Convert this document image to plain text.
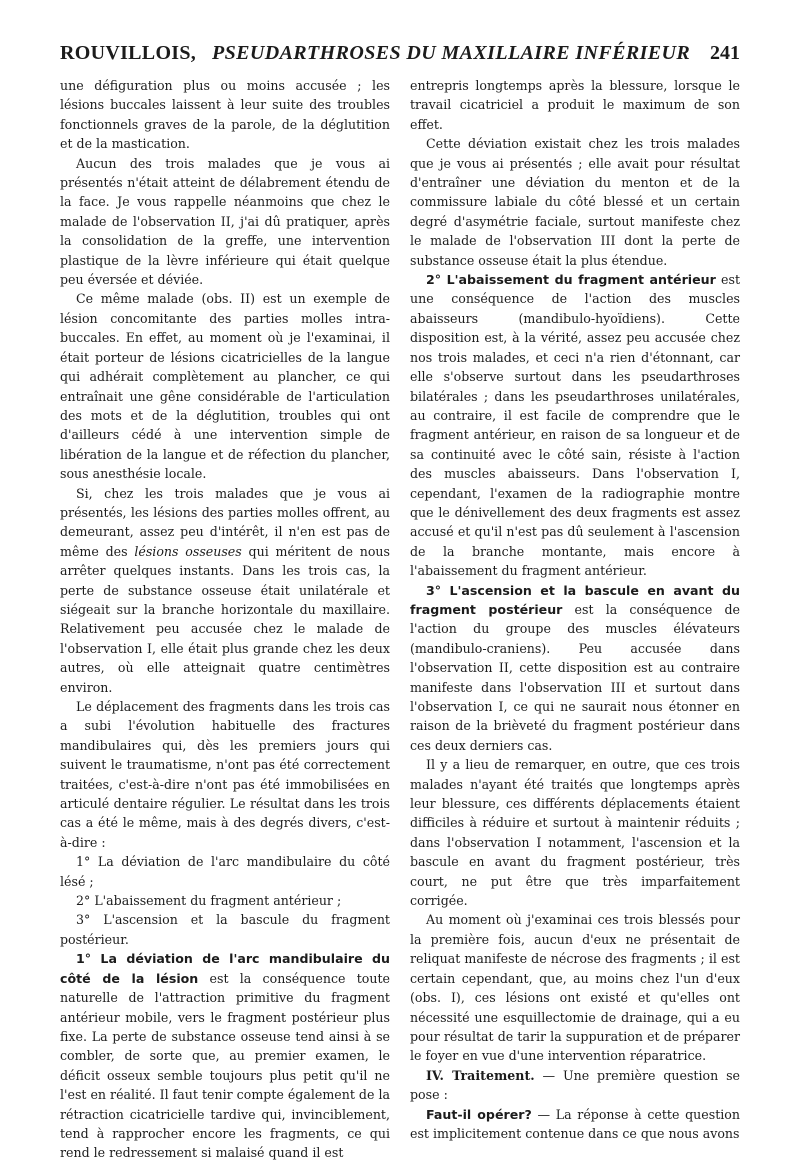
ROUVILLOIS, PSEUDARTHROSES DU MAXILLAIRE INFÉRIEUR 241

une défiguration plus ou moins accusée ; les lésions buccales laissent à leur suite des troubles fonctionnels graves de la parole, de la déglutition et de la mastication.

Aucun des trois malades que je vous ai présentés n'était atteint de délabrement étendu de la face. Je vous rappelle néanmoins que chez le malade de l'observation II, j'ai dû pratiquer, après la consolidation de la greffe, une intervention plastique de la lèvre inférieure qui était quelque peu éversée et déviée.

Ce même malade (obs. II) est un exemple de lésion concomitante des parties molles intra-buccales. En effet, au moment où je l'examinai, il était porteur de lésions cicatricielles de la langue qui adhérait complètement au plancher, ce qui entraînait une gêne considérable de l'articulation des mots et de la déglutition, troubles qui ont d'ailleurs cédé à une intervention simple de libération de la langue et de réfection du plancher, sous anesthésie locale.

Si, chez les trois malades que je vous ai présentés, les lésions des parties molles offrent, au demeurant, assez peu d'intérêt, il n'en est pas de même des lésions osseuses qui méritent de nous arrêter quelques instants. Dans les trois cas, la perte de substance osseuse était unilatérale et siégeait sur la branche horizontale du maxillaire. Relativement peu accusée chez le malade de l'observation I, elle était plus grande chez les deux autres, où elle atteignait quatre centimètres environ.

Le déplacement des fragments dans les trois cas a subi l'évolution habituelle des fractures mandibulaires qui, dès les premiers jours qui suivent le traumatisme, n'ont pas été correctement traitées, c'est-à-dire n'ont pas été immobilisées en articulé dentaire régulier. Le résultat dans les trois cas a été le même, mais à des degrés divers, c'est-à-dire :

1° La déviation de l'arc mandibulaire du côté lésé ;

2° L'abaissement du fragment antérieur ;

3° L'ascension et la bascule du fragment postérieur.

1° La déviation de l'arc mandibulaire du côté de la lésion est la conséquence toute naturelle de l'attraction primitive du fragment antérieur mobile, vers le fragment postérieur plus fixe. La perte de substance osseuse tend ainsi à se combler, de sorte que, au premier examen, le déficit osseux semble toujours plus petit qu'il ne l'est en réalité. Il faut tenir compte également de la rétraction cicatricielle tardive qui, invinciblement, tend à rapprocher encore les fragments, ce qui rend le redressement si malaisé quand il est

entrepris longtemps après la blessure, lorsque le travail cicatriciel a produit le maximum de son effet.

Cette déviation existait chez les trois malades que je vous ai présentés ; elle avait pour résultat d'entraîner une déviation du menton et de la commissure labiale du côté blessé et un certain degré d'asymétrie faciale, surtout manifeste chez le malade de l'observation III dont la perte de substance osseuse était la plus étendue.

2° L'abaissement du fragment antérieur est une conséquence de l'action des muscles abaisseurs (mandibulo-hyoïdiens). Cette disposition est, à la vérité, assez peu accusée chez nos trois malades, et ceci n'a rien d'étonnant, car elle s'observe surtout dans les pseudarthroses bilatérales ; dans les pseudarthroses unilatérales, au contraire, il est facile de comprendre que le fragment antérieur, en raison de sa longueur et de sa continuité avec le côté sain, résiste à l'action des muscles abaisseurs. Dans l'observation I, cependant, l'examen de la radiographie montre que le dénivellement des deux fragments est assez accusé et qu'il n'est pas dû seulement à l'ascension de la branche montante, mais encore à l'abaissement du fragment antérieur.

3° L'ascension et la bascule en avant du fragment postérieur est la conséquence de l'action du groupe des muscles élévateurs (mandibulo-craniens). Peu accusée dans l'observation II, cette disposition est au contraire manifeste dans l'observation III et surtout dans l'observation I, ce qui ne saurait nous étonner en raison de la brièveté du fragment postérieur dans ces deux derniers cas.

Il y a lieu de remarquer, en outre, que ces trois malades n'ayant été traités que longtemps après leur blessure, ces différents déplacements étaient difficiles à réduire et surtout à maintenir réduits ; dans l'observation I notamment, l'ascension et la bascule en avant du fragment postérieur, très court, ne put être que très imparfaitement corrigée.

Au moment où j'examinai ces trois blessés pour la première fois, aucun d'eux ne présentait de reliquat manifeste de nécrose des fragments ; il est certain cependant, que, au moins chez l'un d'eux (obs. I), ces lésions ont existé et qu'elles ont nécessité une esquillectomie de drainage, qui a eu pour résultat de tarir la suppuration et de préparer le foyer en vue d'une intervention réparatrice.

IV. Traitement. — Une première question se pose :

Faut-il opérer? — La réponse à cette question est implicitement contenue dans ce que nous avons
